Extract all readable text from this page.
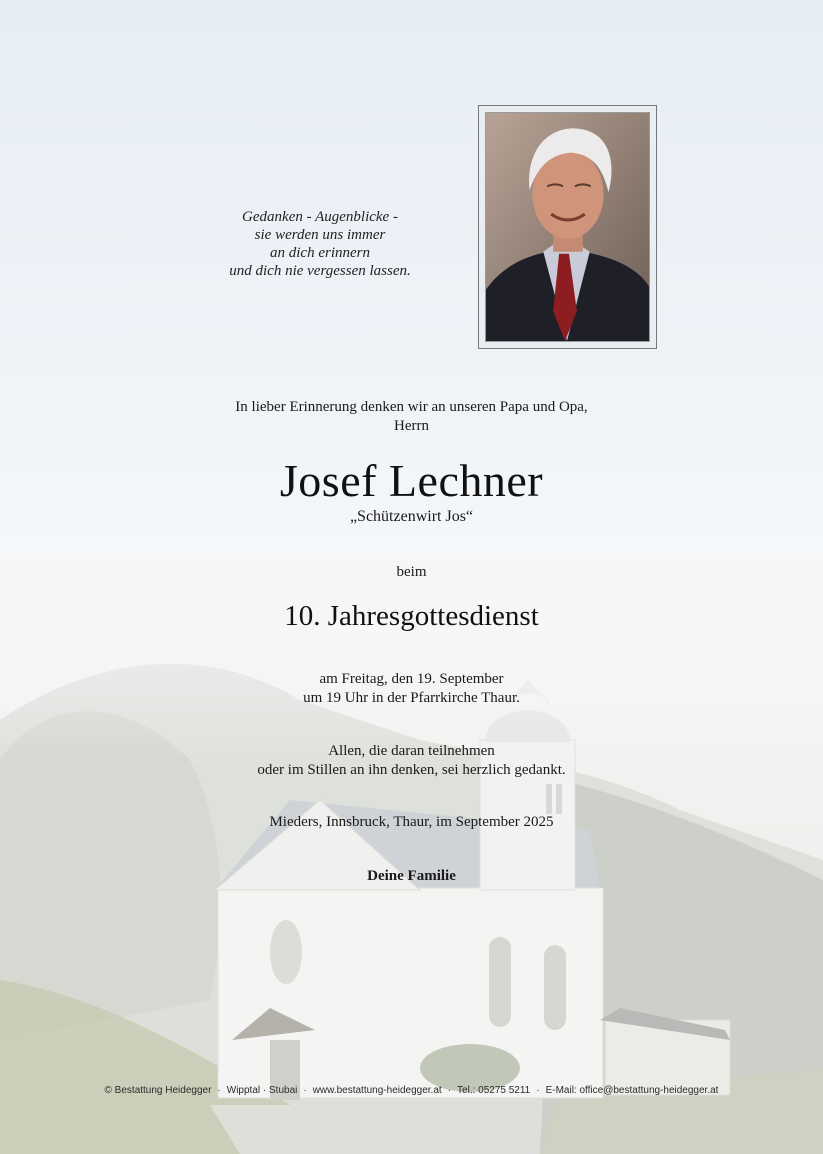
Gedanken - Augenblicke -
sie werden uns immer
an dich erinnern
und dich nie vergessen lassen.
In lieber Erinnerung denken wir an unseren Papa und Opa,
Herrn
Josef Lechner
„Schützenwirt Jos“
beim
10. Jahresgottesdienst
am Freitag, den 19. September
um 19 Uhr in der Pfarrkirche Thaur.
Allen, die daran teilnehmen
oder im Stillen an ihn denken, sei herzlich gedankt.
Mieders, Innsbruck, Thaur, im September 2025
Deine Familie
© Bestattung Heidegger · Wipptal · Stubai · www.bestattung-heidegger.at · Tel.: 05275 5211 · E-Mail: office@bestattung-heidegger.at
